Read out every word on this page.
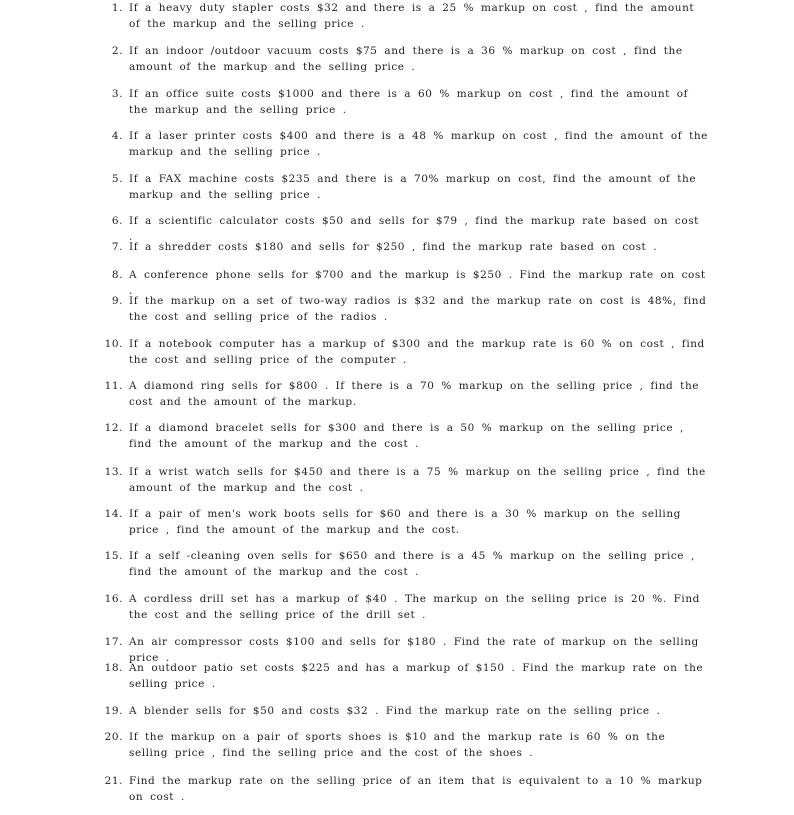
1. If a heavy duty stapler costs $32 and there is a 25 % markup on cost , find the amount of the markup and the selling price .
2. If an indoor /outdoor vacuum costs $75 and there is a 36 % markup on cost , find the amount of the markup and the selling price .
3. If an office suite costs $1000 and there is a 60 % markup on cost , find the amount of the markup and the selling price .
4. If a laser printer costs $400 and there is a 48 % markup on cost , find the amount of the markup and the selling price .
5. If a FAX machine costs $235 and there is a 70% markup on cost, find the amount of the markup and the selling price .
6. If a scientific calculator costs $50 and sells for $79 , find the markup rate based on cost .
7. If a shredder costs $180 and sells for $250 , find the markup rate based on cost .
8. A conference phone sells for $700 and the markup is $250 . Find the markup rate on cost .
9. If the markup on a set of two-way radios is $32 and the markup rate on cost is 48%, find the cost and selling price of the radios .
10. If a notebook computer has a markup of $300 and the markup rate is 60 % on cost , find the cost and selling price of the computer .
11. A diamond ring sells for $800 . If there is a 70 % markup on the selling price , find the cost and the amount of the markup.
12. If a diamond bracelet sells for $300 and there is a 50 % markup on the selling price , find the amount of the markup and the cost .
13. If a wrist watch sells for $450 and there is a 75 % markup on the selling price , find the amount of the markup and the cost .
14. If a pair of men's work boots sells for $60 and there is a 30 % markup on the selling price , find the amount of the markup and the cost.
15. If a self -cleaning oven sells for $650 and there is a 45 % markup on the selling price , find the amount of the markup and the cost .
16. A cordless drill set has a markup of $40 . The markup on the selling price is 20 %. Find the cost and the selling price of the drill set .
17. An air compressor costs $100 and sells for $180 . Find the rate of markup on the selling price .
18. An outdoor patio set costs $225 and has a markup of $150 . Find the markup rate on the selling price .
19. A blender sells for $50 and costs $32 . Find the markup rate on the selling price .
20. If the markup on a pair of sports shoes is $10 and the markup rate is 60 % on the selling price , find the selling price and the cost of the shoes .
21. Find the markup rate on the selling price of an item that is equivalent to a 10 % markup on cost .
